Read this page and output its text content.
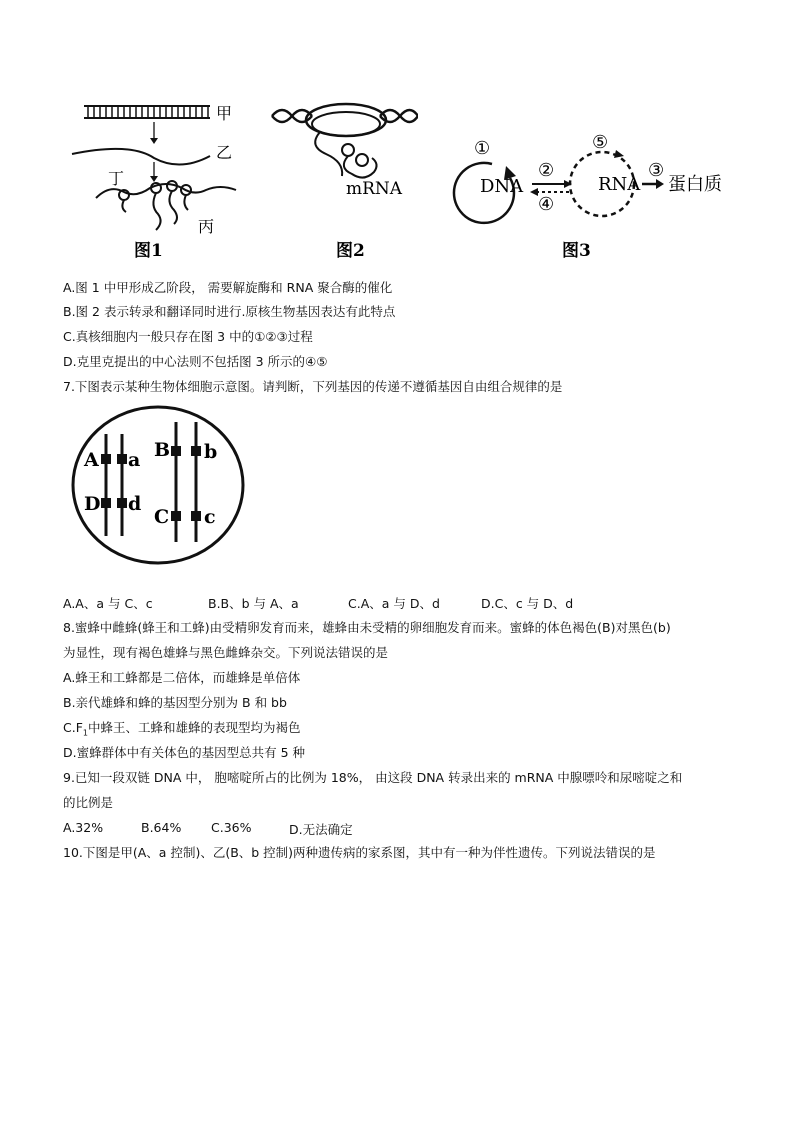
甲
乙
丁
丙
图1
mRNA
图2
①
DNA
②
④
⑤
RNA
③
蛋白质
图3
A.图 1 中甲形成乙阶段， 需要解旋酶和 RNA 聚合酶的催化
B.图 2 表示转录和翻译同时进行.原核生物基因表达有此特点
C.真核细胞内一般只存在图 3 中的①②③过程
D.克里克提出的中心法则不包括图 3 所示的④⑤
7.下图表示某种生物体细胞示意图。请判断，下列基因的传递不遵循基因自由组合规律的是
A a
D d
B b
C c
A.A、a 与 C、c	B.B、b 与 A、a	C.A、a 与 D、d	D.C、c 与 D、d
8.蜜蜂中雌蜂(蜂王和工蜂)由受精卵发育而来，雄蜂由未受精的卵细胞发育而来。蜜蜂的体色褐色(B)对黑色(b)
为显性，现有褐色雄蜂与黑色雌蜂杂交。下列说法错误的是
A.蜂王和工蜂都是二倍体，而雄蜂是单倍体
B.亲代雄蜂和蜂的基因型分别为 B 和 bb
$C.F_1$中蜂王、工蜂和雄蜂的表现型均为褐色
D.蜜蜂群体中有关体色的基因型总共有 5 种
9.已知一段双链 DNA 中， 胞嘧啶所占的比例为 18%， 由这段 DNA 转录出来的 mRNA 中腺嘌呤和尿嘧啶之和
的比例是
A.32%	B.64% C.36%	D.无法确定
10.下图是甲(A、a 控制)、乙(B、b 控制)两种遗传病的家系图，其中有一种为伴性遗传。下列说法错误的是
